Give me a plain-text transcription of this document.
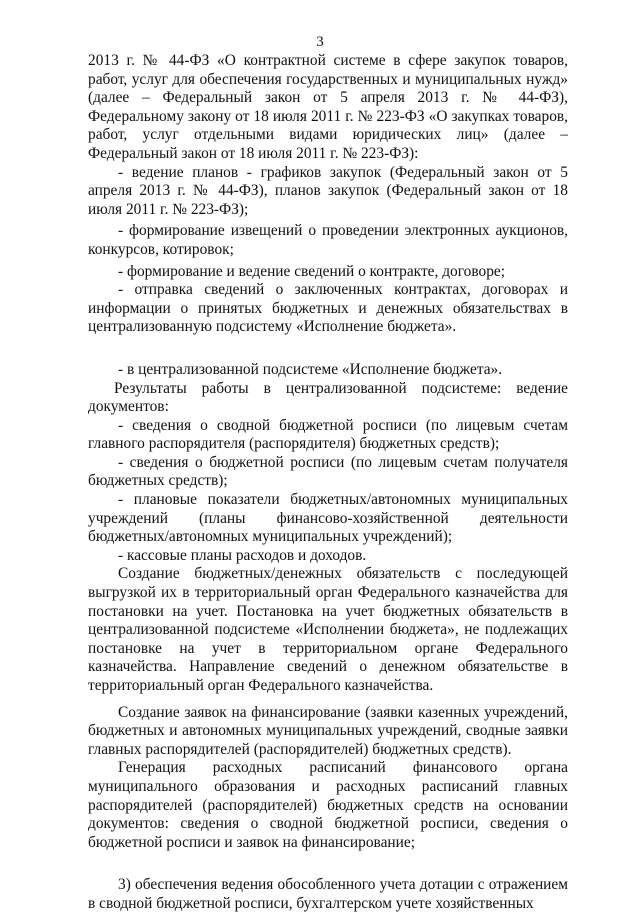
3

2013 г. № 44-ФЗ «О контрактной системе в сфере закупок товаров, работ, услуг для обеспечения государственных и муниципальных нужд» (далее – Федеральный закон от 5 апреля 2013 г. № 44-ФЗ), Федеральному закону от 18 июля 2011 г. № 223-ФЗ «О закупках товаров, работ, услуг отдельными видами юридических лиц» (далее – Федеральный закон от 18 июля 2011 г. № 223-ФЗ):

- ведение планов - графиков закупок (Федеральный закон от 5 апреля 2013 г. № 44-ФЗ), планов закупок (Федеральный закон от 18 июля 2011 г. № 223-ФЗ);

- формирование извещений о проведении электронных аукционов, конкурсов, котировок;

- формирование и ведение сведений о контракте, договоре;

- отправка сведений о заключенных контрактах, договорах и информации о принятых бюджетных и денежных обязательствах в централизованную подсистему «Исполнение бюджета».

- в централизованной подсистеме «Исполнение бюджета».

Результаты работы в централизованной подсистеме: ведение документов:

- сведения о сводной бюджетной росписи (по лицевым счетам главного распорядителя (распорядителя) бюджетных средств);

- сведения о бюджетной росписи (по лицевым счетам получателя бюджетных средств);

- плановые показатели бюджетных/автономных муниципальных учреждений (планы финансово-хозяйственной деятельности бюджетных/автономных муниципальных учреждений);

- кассовые планы расходов и доходов.

Создание бюджетных/денежных обязательств с последующей выгрузкой их в территориальный орган Федерального казначейства для постановки на учет. Постановка на учет бюджетных обязательств в централизованной подсистеме «Исполнении бюджета», не подлежащих постановке на учет в территориальном органе Федерального казначейства. Направление сведений о денежном обязательстве в территориальный орган Федерального казначейства.

Создание заявок на финансирование (заявки казенных учреждений, бюджетных и автономных муниципальных учреждений, сводные заявки главных распорядителей (распорядителей) бюджетных средств).

Генерация расходных расписаний финансового органа муниципального образования и расходных расписаний главных распорядителей (распорядителей) бюджетных средств на основании документов: сведения о сводной бюджетной росписи, сведения о бюджетной росписи и заявок на финансирование;

3) обеспечения ведения обособленного учета дотации с отражением в сводной бюджетной росписи, бухгалтерском учете хозяйственных
